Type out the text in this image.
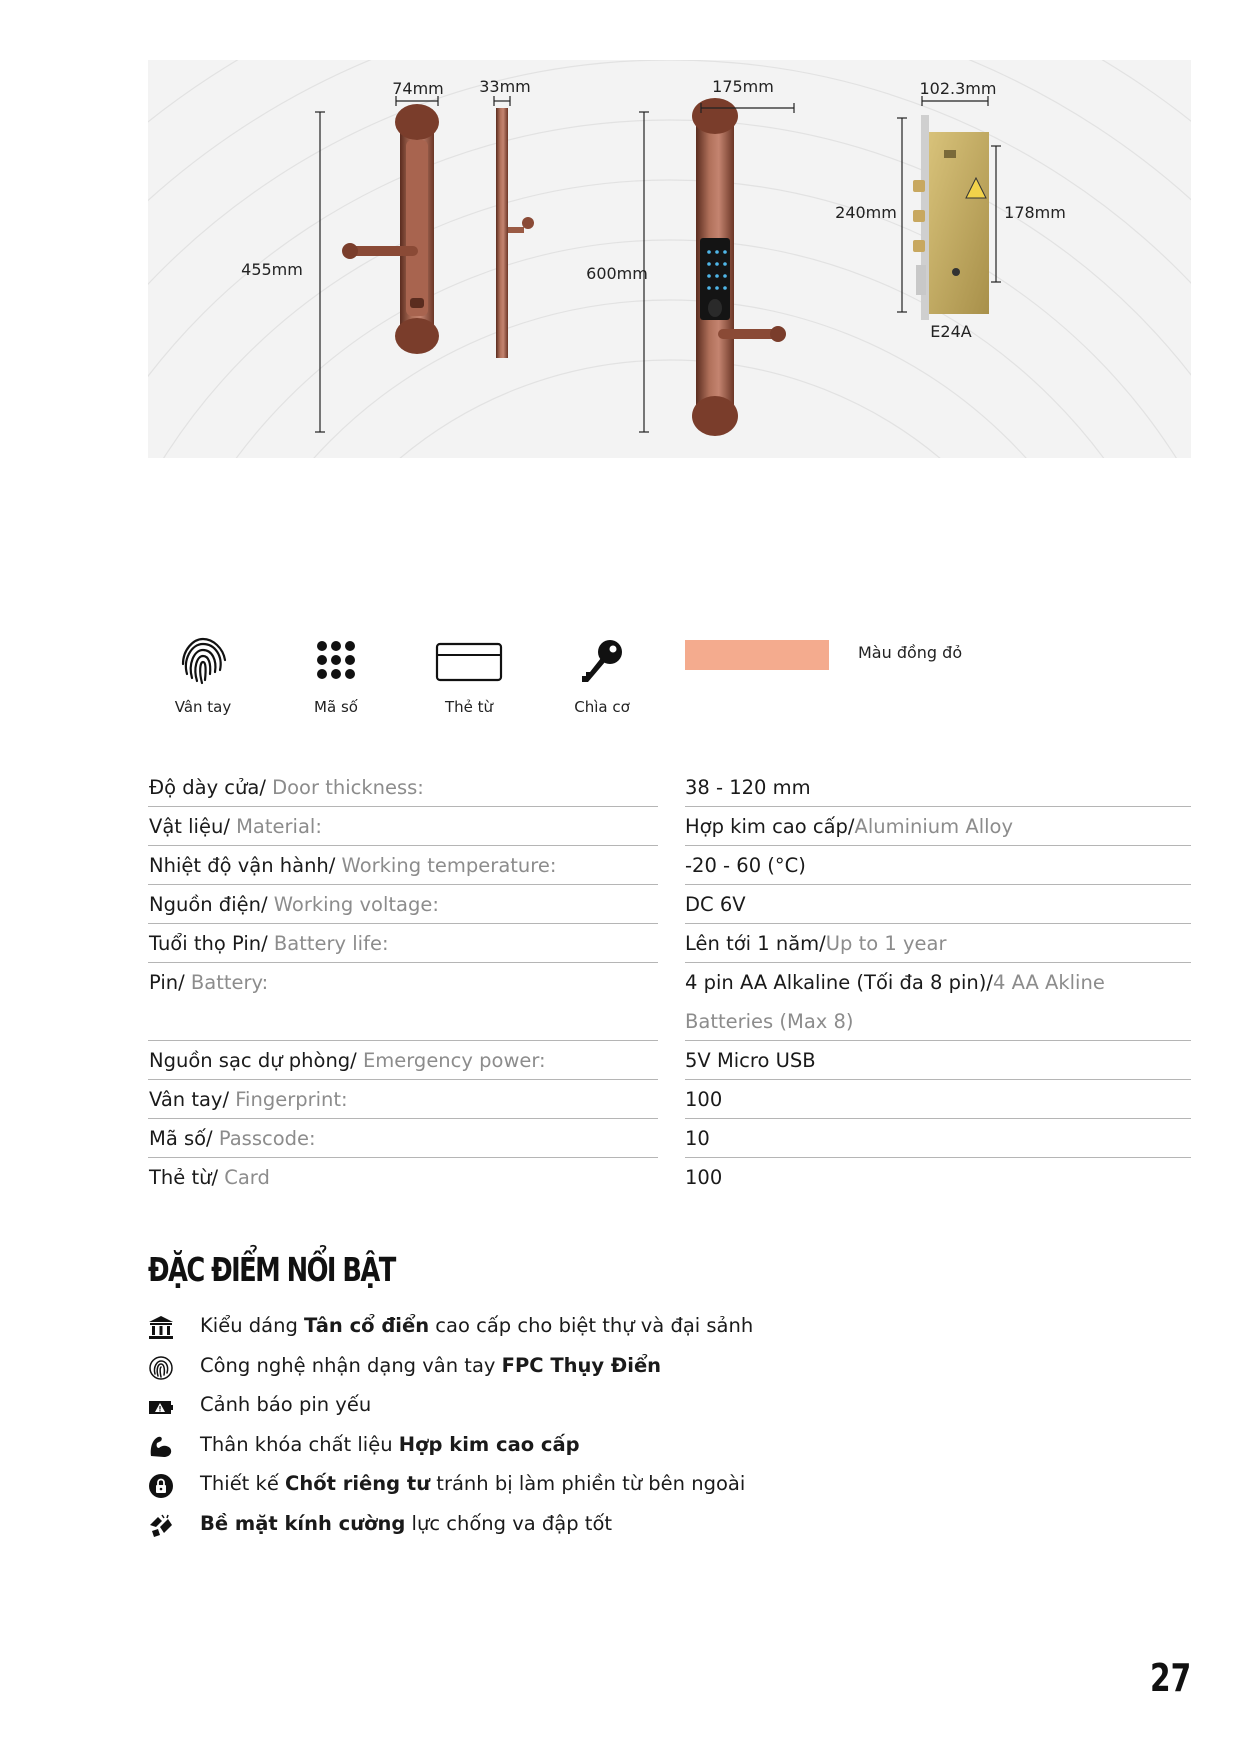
74mm 33mm
455mm
175mm
600mm
102.3mm
240mm	178mm
E24A
Vân tay	Mã số	Thẻ từ	Chìa cơ
Màu đồng đỏ
Độ dày cửa/ Door thickness:	38 - 120 mm
Vật liệu/ Material:	Hợp kim cao cấp/Aluminium Alloy
Nhiệt độ vận hành/ Working temperature:	-20 - 60 (°C)
Nguồn điện/ Working voltage:	DC 6V
Tuổi thọ Pin/ Battery life:	Lên tới 1 năm/Up to 1 year
Pin/ Battery:	4 pin AA Alkaline (Tối đa 8 pin)/4 AA Akline Batteries (Max 8)
Nguồn sạc dự phòng/ Emergency power:	5V Micro USB
Vân tay/ Fingerprint:	100
Mã số/ Passcode:	10
Thẻ từ/ Card	100
ĐẶC ĐIỂM NỔI BẬT
Kiểu dáng Tân cổ điển cao cấp cho biệt thự và đại sảnh
Công nghệ nhận dạng vân tay FPC Thụy Điển
Cảnh báo pin yếu
Thân khóa chất liệu Hợp kim cao cấp
Thiết kế Chốt riêng tư tránh bị làm phiền từ bên ngoài
Bề mặt kính cường lực chống va đập tốt
27
